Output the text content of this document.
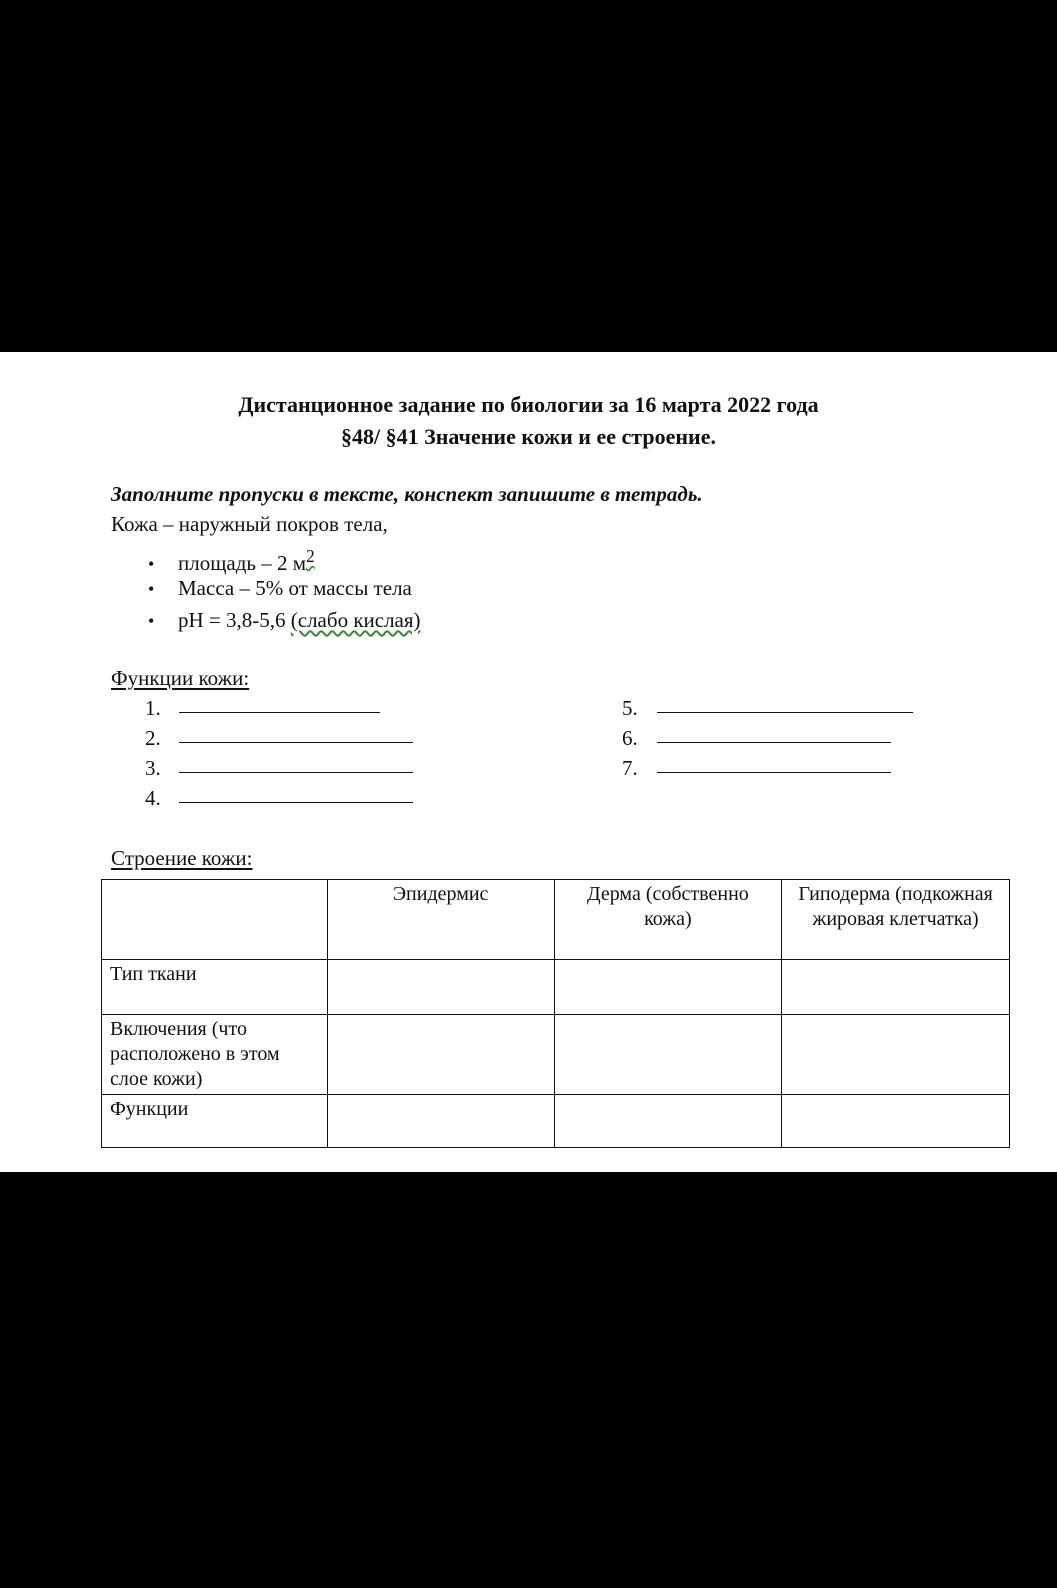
Дистанционное задание по биологии за 16 марта 2022 года
§48/ §41 Значение кожи и ее строение.
Заполните пропуски в тексте, конспект запишите в тетрадь.
Кожа – наружный покров тела,
• площадь – 2 $м^2$
• Масса – 5% от массы тела
• pH = 3,8-5,6 (слабо кислая)
Функции кожи:
1.
2.
3.
4.
5.
6.
7.
Строение кожи:
	Эпидермис	Дерма (собственно кожа)	Гиподерма (подкожная жировая клетчатка)
Тип ткани			
Включения (что расположено в этом слое кожи)			
Функции			
